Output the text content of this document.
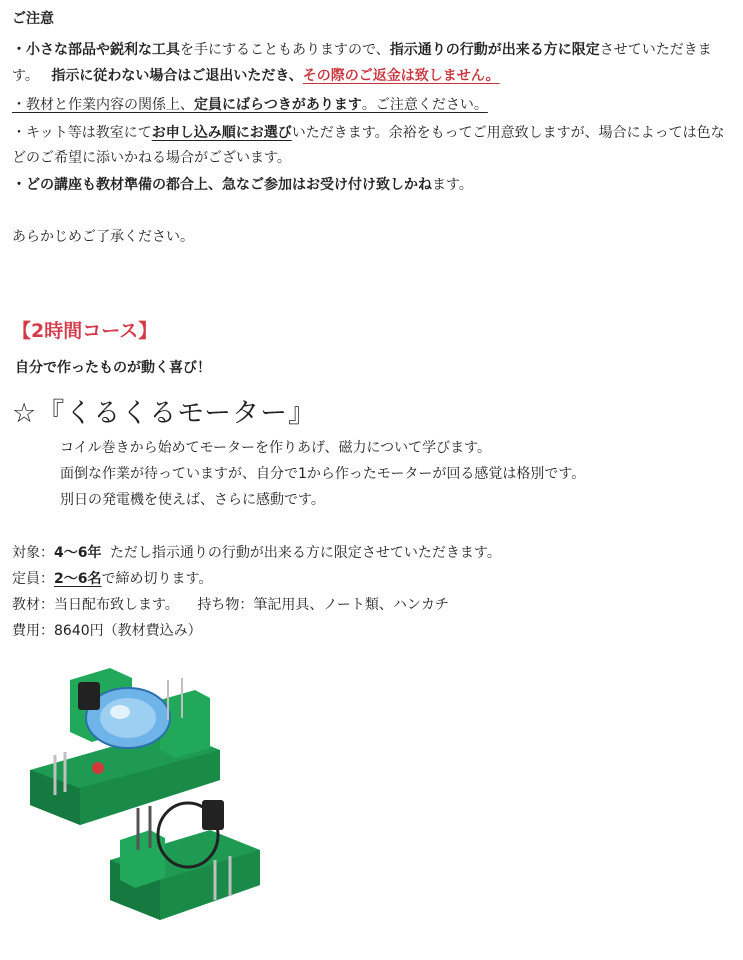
ご注意
・小さな部品や鋭利な工具を手にすることもありますので、指示通りの行動が出来る方に限定させていただきま
す。 指示に従わない場合はご退出いただき、その際のご返金は致しません。
・教材と作業内容の関係上、定員にばらつきがあります。ご注意ください。
・キット等は教室にてお申し込み順にお選びいただきます。余裕をもってご用意致しますが、場合によっては色な
どのご希望に添いかねる場合がございます。
・どの講座も教材準備の都合上、急なご参加はお受け付け致しかねます。
あらかじめご了承ください。
【2時間コース】
自分で作ったものが動く喜び！
☆『くるくるモーター』
コイル巻きから始めてモーターを作りあげ、磁力について学びます。
面倒な作業が待っていますが、自分で1から作ったモーターが回る感覚は格別です。
別日の発電機を使えば、さらに感動です。
対象：4～6年 ただし指示通りの行動が出来る方に限定させていただきます。
定員：2～6名で締め切ります。
教材：当日配布致します。 持ち物：筆記用具、ノート類、ハンカチ
費用：8640円（教材費込み）
